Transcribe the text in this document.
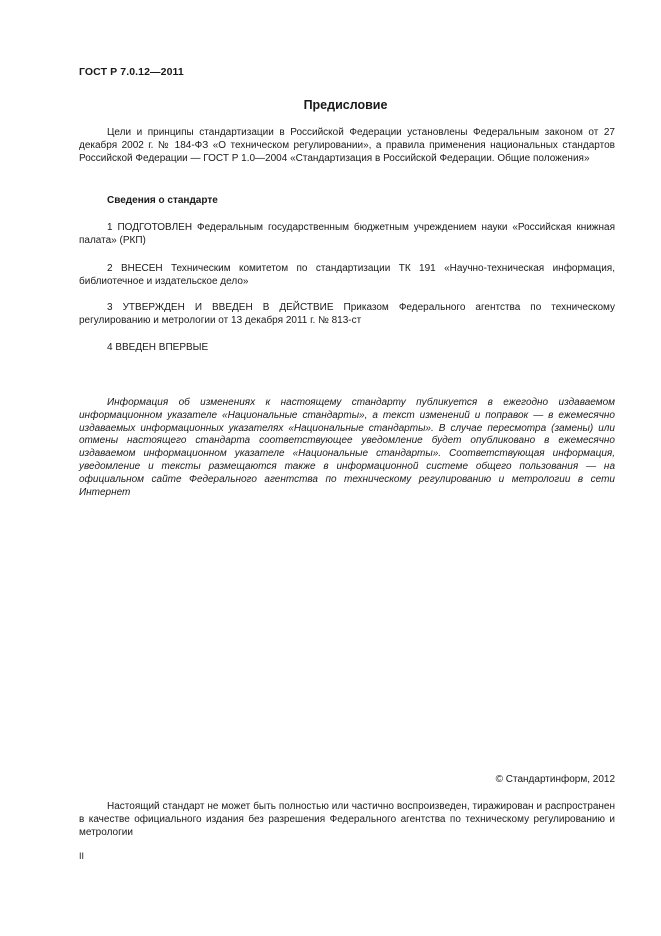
ГОСТ Р 7.0.12—2011
Предисловие
Цели и принципы стандартизации в Российской Федерации установлены Федеральным законом от 27 декабря 2002 г. № 184-ФЗ «О техническом регулировании», а правила применения национальных стандартов Российской Федерации — ГОСТ Р 1.0—2004 «Стандартизация в Российской Федерации. Общие положения»
Сведения о стандарте
1 ПОДГОТОВЛЕН Федеральным государственным бюджетным учреждением науки «Российская книжная палата» (РКП)
2 ВНЕСЕН Техническим комитетом по стандартизации ТК 191 «Научно-техническая информация, библиотечное и издательское дело»
3 УТВЕРЖДЕН И ВВЕДЕН В ДЕЙСТВИЕ Приказом Федерального агентства по техническому регулированию и метрологии от 13 декабря 2011 г. № 813-ст
4 ВВЕДЕН ВПЕРВЫЕ
Информация об изменениях к настоящему стандарту публикуется в ежегодно издаваемом информационном указателе «Национальные стандарты», а текст изменений и поправок — в ежемесячно издаваемых информационных указателях «Национальные стандарты». В случае пересмотра (замены) или отмены настоящего стандарта соответствующее уведомление будет опубликовано в ежемесячно издаваемом информационном указателе «Национальные стандарты». Соответствующая информация, уведомление и тексты размещаются также в информационной системе общего пользования — на официальном сайте Федерального агентства по техническому регулированию и метрологии в сети Интернет
© Стандартинформ, 2012
Настоящий стандарт не может быть полностью или частично воспроизведен, тиражирован и распространен в качестве официального издания без разрешения Федерального агентства по техническому регулированию и метрологии
II
